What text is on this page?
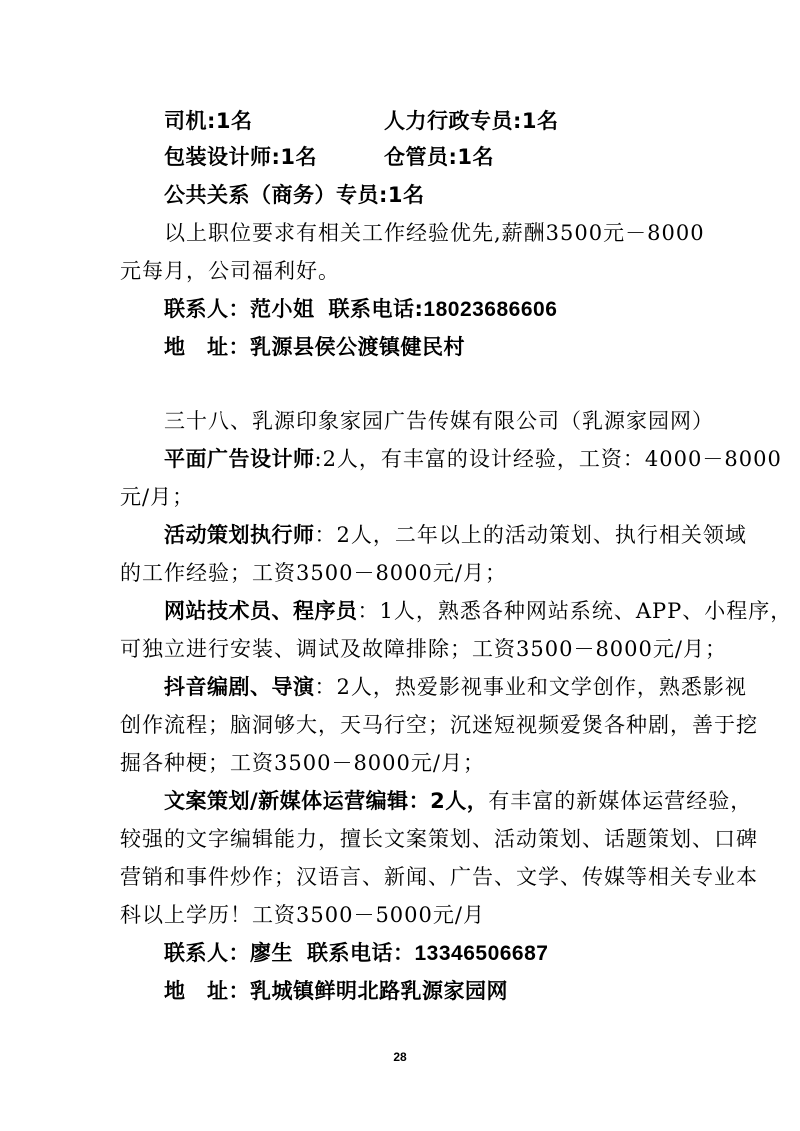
司机:1名	人力行政专员:1名
包装设计师:1名	仓管员:1名
公共关系（商务）专员:1名
以上职位要求有相关工作经验优先,薪酬3500元－8000
元每月，公司福利好。
联系人：范小姐 联系电话:18023686606
地　址：乳源县侯公渡镇健民村
三十八、乳源印象家园广告传媒有限公司（乳源家园网）
平面广告设计师:2人，有丰富的设计经验，工资：4000－8000
元/月；
活动策划执行师：2人，二年以上的活动策划、执行相关领域
的工作经验；工资3500－8000元/月；
网站技术员、程序员：1人，熟悉各种网站系统、APP、小程序，
可独立进行安装、调试及故障排除；工资3500－8000元/月；
抖音编剧、导演：2人，热爱影视事业和文学创作，熟悉影视
创作流程；脑洞够大，天马行空；沉迷短视频爱煲各种剧，善于挖
掘各种梗；工资3500－8000元/月；
文案策划/新媒体运营编辑：2人，有丰富的新媒体运营经验，
较强的文字编辑能力，擅长文案策划、活动策划、话题策划、口碑
营销和事件炒作；汉语言、新闻、广告、文学、传媒等相关专业本
科以上学历！工资3500－5000元/月
联系人：廖生 联系电话：13346506687
地　址：乳城镇鲜明北路乳源家园网
28
